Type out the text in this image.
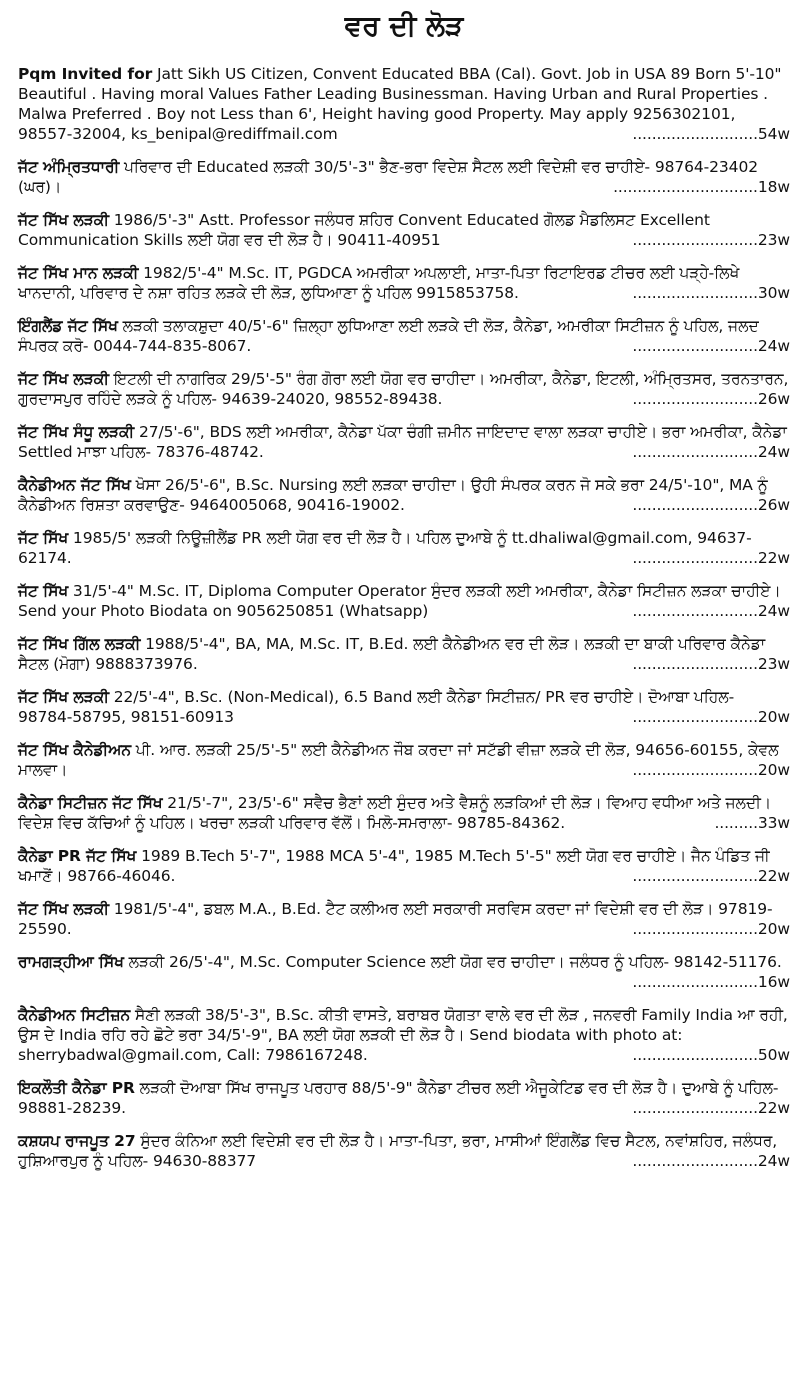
ਵਰ ਦੀ ਲੋੜ
Pqm Invited for Jatt Sikh US Citizen, Convent Educated BBA (Cal). Govt. Job in USA 89 Born 5'-10" Beautiful . Having moral Values Father Leading Businessman. Having Urban and Rural Properties . Malwa Preferred . Boy not Less than 6', Height having good Property. May apply 9256302101, 98557-32004, ks_benipal@rediffmail.com	..........................54w
ਜੱਟ ਅੰਮ੍ਰਿਤਧਾਰੀ ਪਰਿਵਾਰ ਦੀ Educated ਲੜਕੀ 30/5'-3" ਭੈਣ-ਭਰਾ ਵਿਦੇਸ਼ ਸੈਟਲ ਲਈ ਵਿਦੇਸ਼ੀ ਵਰ ਚਾਹੀਏ- 98764-23402 (ਘਰ)।	..............................18w
ਜੱਟ ਸਿੱਖ ਲੜਕੀ 1986/5'-3" Astt. Professor ਜਲੰਧਰ ਸ਼ਹਿਰ Convent Educated ਗੋਲਡ ਮੈਡਲਿਸਟ Excellent Communication Skills ਲਈ ਯੋਗ ਵਰ ਦੀ ਲੋੜ ਹੈ। 90411-40951	..........................23w
ਜੱਟ ਸਿੱਖ ਮਾਨ ਲੜਕੀ 1982/5'-4" M.Sc. IT, PGDCA ਅਮਰੀਕਾ ਅਪਲਾਈ, ਮਾਤਾ-ਪਿਤਾ ਰਿਟਾਇਰਡ ਟੀਚਰ ਲਈ ਪੜ੍ਹੇ-ਲਿਖੇ ਖਾਨਦਾਨੀ, ਪਰਿਵਾਰ ਦੇ ਨਸ਼ਾ ਰਹਿਤ ਲੜਕੇ ਦੀ ਲੋੜ, ਲੁਧਿਆਣਾ ਨੂੰ ਪਹਿਲ 9915853758.	..........................30w
ਇੰਗਲੈਂਡ ਜੱਟ ਸਿੱਖ ਲੜਕੀ ਤਲਾਕਸ਼ੁਦਾ 40/5'-6" ਜ਼ਿਲ੍ਹਾ ਲੁਧਿਆਣਾ ਲਈ ਲੜਕੇ ਦੀ ਲੋੜ, ਕੈਨੇਡਾ, ਅਮਰੀਕਾ ਸਿਟੀਜ਼ਨ ਨੂੰ ਪਹਿਲ, ਜਲਦ ਸੰਪਰਕ ਕਰੋ- 0044-744-835-8067.	..........................24w
ਜੱਟ ਸਿੱਖ ਲੜਕੀ ਇਟਲੀ ਦੀ ਨਾਗਰਿਕ 29/5'-5" ਰੰਗ ਗੋਰਾ ਲਈ ਯੋਗ ਵਰ ਚਾਹੀਦਾ। ਅਮਰੀਕਾ, ਕੈਨੇਡਾ, ਇਟਲੀ, ਅੰਮ੍ਰਿਤਸਰ, ਤਰਨਤਾਰਨ, ਗੁਰਦਾਸਪੁਰ ਰਹਿੰਦੇ ਲੜਕੇ ਨੂੰ ਪਹਿਲ- 94639-24020, 98552-89438.	..........................26w
ਜੱਟ ਸਿੱਖ ਸੰਧੂ ਲੜਕੀ 27/5'-6", BDS ਲਈ ਅਮਰੀਕਾ, ਕੈਨੇਡਾ ਪੱਕਾ ਚੰਗੀ ਜ਼ਮੀਨ ਜਾਇਦਾਦ ਵਾਲਾ ਲੜਕਾ ਚਾਹੀਏ। ਭਰਾ ਅਮਰੀਕਾ, ਕੈਨੇਡਾ Settled ਮਾਝਾ ਪਹਿਲ- 78376-48742.	..........................24w
ਕੈਨੇਡੀਅਨ ਜੱਟ ਸਿੱਖ ਖੋਸਾ 26/5'-6", B.Sc. Nursing ਲਈ ਲੜਕਾ ਚਾਹੀਦਾ। ਉਹੀ ਸੰਪਰਕ ਕਰਨ ਜੋ ਸਕੇ ਭਰਾ 24/5'-10", MA ਨੂੰ ਕੈਨੇਡੀਅਨ ਰਿਸ਼ਤਾ ਕਰਵਾਉਣ- 9464005068, 90416-19002.	..........................26w
ਜੱਟ ਸਿੱਖ 1985/5' ਲੜਕੀ ਨਿਊਜ਼ੀਲੈਂਡ PR ਲਈ ਯੋਗ ਵਰ ਦੀ ਲੋੜ ਹੈ। ਪਹਿਲ ਦੁਆਬੇ ਨੂੰ tt.dhaliwal@gmail.com, 94637-62174.	..........................22w
ਜੱਟ ਸਿੱਖ 31/5'-4" M.Sc. IT, Diploma Computer Operator ਸੁੰਦਰ ਲੜਕੀ ਲਈ ਅਮਰੀਕਾ, ਕੈਨੇਡਾ ਸਿਟੀਜ਼ਨ ਲੜਕਾ ਚਾਹੀਏ। Send your Photo Biodata on 9056250851 (Whatsapp)	..........................24w
ਜੱਟ ਸਿੱਖ ਗਿੱਲ ਲੜਕੀ 1988/5'-4", BA, MA, M.Sc. IT, B.Ed. ਲਈ ਕੈਨੇਡੀਅਨ ਵਰ ਦੀ ਲੋੜ। ਲੜਕੀ ਦਾ ਬਾਕੀ ਪਰਿਵਾਰ ਕੈਨੇਡਾ ਸੈਟਲ (ਮੋਗਾ) 9888373976.	..........................23w
ਜੱਟ ਸਿੱਖ ਲੜਕੀ 22/5'-4", B.Sc. (Non-Medical), 6.5 Band ਲਈ ਕੈਨੇਡਾ ਸਿਟੀਜ਼ਨ/ PR ਵਰ ਚਾਹੀਏ। ਦੋਆਬਾ ਪਹਿਲ- 98784-58795, 98151-60913	..........................20w
ਜੱਟ ਸਿੱਖ ਕੈਨੇਡੀਅਨ ਪੀ. ਆਰ. ਲੜਕੀ 25/5'-5" ਲਈ ਕੈਨੇਡੀਅਨ ਜੌਬ ਕਰਦਾ ਜਾਂ ਸਟੱਡੀ ਵੀਜ਼ਾ ਲੜਕੇ ਦੀ ਲੋੜ, 94656-60155, ਕੇਵਲ ਮਾਲਵਾ।	..........................20w
ਕੈਨੇਡਾ ਸਿਟੀਜ਼ਨ ਜੱਟ ਸਿੱਖ 21/5'-7", 23/5'-6" ਸਵੈਚ ਭੈਣਾਂ ਲਈ ਸੁੰਦਰ ਅਤੇ ਵੈਸ਼ਨੂੰ ਲੜਕਿਆਂ ਦੀ ਲੋੜ। ਵਿਆਹ ਵਧੀਆ ਅਤੇ ਜਲਦੀ। ਵਿਦੇਸ਼ ਵਿਚ ਕੱਚਿਆਂ ਨੂੰ ਪਹਿਲ। ਖਰਚਾ ਲੜਕੀ ਪਰਿਵਾਰ ਵੱਲੋਂ। ਮਿਲੋ-ਸਮਰਾਲਾ- 98785-84362.	.........33w
ਕੈਨੇਡਾ PR ਜੱਟ ਸਿੱਖ 1989 B.Tech 5'-7", 1988 MCA 5'-4", 1985 M.Tech 5'-5" ਲਈ ਯੋਗ ਵਰ ਚਾਹੀਏ। ਜੈਨ ਪੰਡਿਤ ਜੀ ਖਮਾਣੋਂ। 98766-46046.	..........................22w
ਜੱਟ ਸਿੱਖ ਲੜਕੀ 1981/5'-4", ਡਬਲ M.A., B.Ed. ਟੈਟ ਕਲੀਅਰ ਲਈ ਸਰਕਾਰੀ ਸਰਵਿਸ ਕਰਦਾ ਜਾਂ ਵਿਦੇਸ਼ੀ ਵਰ ਦੀ ਲੋੜ। 97819-25590.	..........................20w
ਰਾਮਗੜ੍ਹੀਆ ਸਿੱਖ ਲੜਕੀ 26/5'-4", M.Sc. Computer Science ਲਈ ਯੋਗ ਵਰ ਚਾਹੀਦਾ। ਜਲੰਧਰ ਨੂੰ ਪਹਿਲ- 98142-51176.
..........................16w
ਕੈਨੇਡੀਅਨ ਸਿਟੀਜ਼ਨ ਸੈਣੀ ਲੜਕੀ 38/5'-3", B.Sc. ਕੀਤੀ ਵਾਸਤੇ, ਬਰਾਬਰ ਯੋਗਤਾ ਵਾਲੇ ਵਰ ਦੀ ਲੋੜ , ਜਨਵਰੀ Family India ਆ ਰਹੀ, ਉਸ ਦੇ India ਰਹਿ ਰਹੇ ਛੋਟੇ ਭਰਾ 34/5'-9", BA ਲਈ ਯੋਗ ਲੜਕੀ ਦੀ ਲੋੜ ਹੈ। Send biodata with photo at: sherrybadwal@gmail.com, Call: 7986167248.	..........................50w
ਇਕਲੌਤੀ ਕੈਨੇਡਾ PR ਲੜਕੀ ਦੋਆਬਾ ਸਿੱਖ ਰਾਜਪੂਤ ਪਰਹਾਰ 88/5'-9" ਕੈਨੇਡਾ ਟੀਚਰ ਲਈ ਐਜੂਕੇਟਿਡ ਵਰ ਦੀ ਲੋੜ ਹੈ। ਦੁਆਬੇ ਨੂੰ ਪਹਿਲ- 98881-28239.	..........................22w
ਕਸ਼ਯਪ ਰਾਜਪੂਤ 27 ਸੁੰਦਰ ਕੰਨਿਆ ਲਈ ਵਿਦੇਸ਼ੀ ਵਰ ਦੀ ਲੋੜ ਹੈ। ਮਾਤਾ-ਪਿਤਾ, ਭਰਾ, ਮਾਸੀਆਂ ਇੰਗਲੈਂਡ ਵਿਚ ਸੈਟਲ, ਨਵਾਂਸ਼ਹਿਰ, ਜਲੰਧਰ, ਹੁਸ਼ਿਆਰਪੁਰ ਨੂੰ ਪਹਿਲ- 94630-88377	..........................24w
